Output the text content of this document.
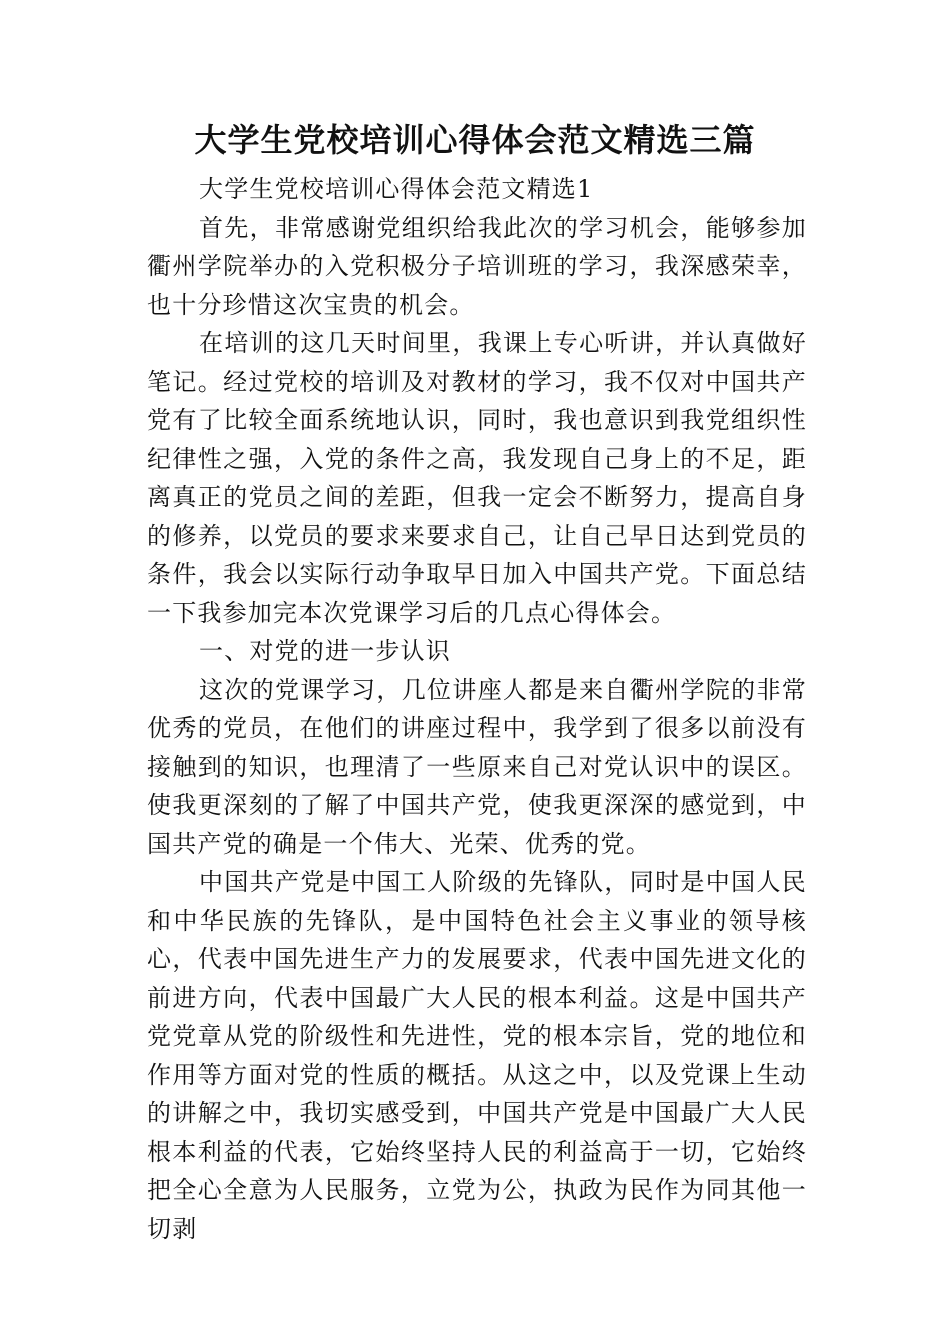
大学生党校培训心得体会范文精选三篇

大学生党校培训心得体会范文精选1

首先，非常感谢党组织给我此次的学习机会，能够参加衢州学院举办的入党积极分子培训班的学习，我深感荣幸，也十分珍惜这次宝贵的机会。

在培训的这几天时间里，我课上专心听讲，并认真做好笔记。经过党校的培训及对教材的学习，我不仅对中国共产党有了比较全面系统地认识，同时，我也意识到我党组织性纪律性之强，入党的条件之高，我发现自己身上的不足，距离真正的党员之间的差距，但我一定会不断努力，提高自身的修养，以党员的要求来要求自己，让自己早日达到党员的条件，我会以实际行动争取早日加入中国共产党。下面总结一下我参加完本次党课学习后的几点心得体会。

一、对党的进一步认识

这次的党课学习，几位讲座人都是来自衢州学院的非常优秀的党员，在他们的讲座过程中，我学到了很多以前没有接触到的知识，也理清了一些原来自己对党认识中的误区。使我更深刻的了解了中国共产党，使我更深深的感觉到，中国共产党的确是一个伟大、光荣、优秀的党。

中国共产党是中国工人阶级的先锋队，同时是中国人民和中华民族的先锋队，是中国特色社会主义事业的领导核心，代表中国先进生产力的发展要求，代表中国先进文化的前进方向，代表中国最广大人民的根本利益。这是中国共产党党章从党的阶级性和先进性，党的根本宗旨，党的地位和作用等方面对党的性质的概括。从这之中，以及党课上生动的讲解之中，我切实感受到，中国共产党是中国最广大人民根本利益的代表，它始终坚持人民的利益高于一切，它始终把全心全意为人民服务，立党为公，执政为民作为同其他一切剥
